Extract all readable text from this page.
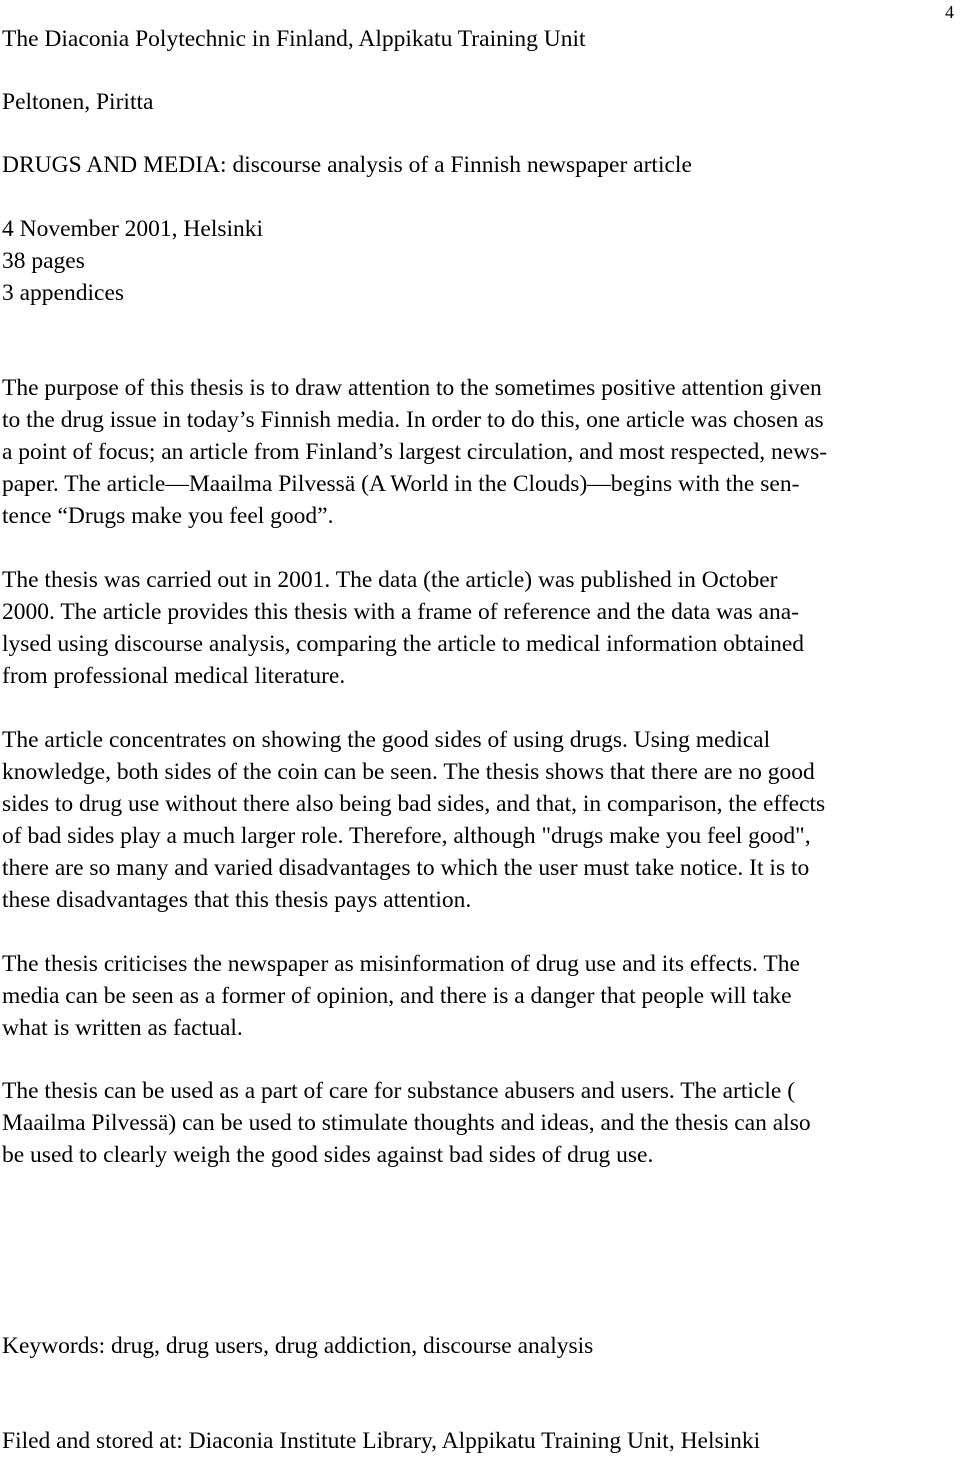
4
The Diaconia Polytechnic in Finland, Alppikatu Training Unit
Peltonen, Piritta
DRUGS AND MEDIA: discourse analysis of a Finnish newspaper article
4 November 2001, Helsinki
38 pages
3 appendices
The purpose of this thesis is to draw attention to the sometimes positive attention given
to the drug issue in today’s Finnish media. In order to do this, one article was chosen as
a point of focus; an article from Finland’s largest circulation, and most respected, news-
paper. The article—Maailma Pilvessä (A World in the Clouds)—begins with the sen-
tence “Drugs make you feel good”.
The thesis was carried out in 2001. The data (the article) was published in October
2000. The article provides this thesis with a frame of reference and the data was ana-
lysed using discourse analysis, comparing the article to medical information obtained
from professional medical literature.
The article concentrates on showing the good sides of using drugs. Using medical
knowledge, both sides of the coin can be seen. The thesis shows that there are no good
sides to drug use without there also being bad sides, and that, in comparison, the effects
of bad sides play a much larger role. Therefore, although "drugs make you feel good",
there are so many and varied disadvantages to which the user must take notice. It is to
these disadvantages that this thesis pays attention.
The thesis criticises the newspaper as misinformation of drug use and its effects. The
media can be seen as a former of opinion, and there is a danger that people will take
what is written as factual.
The thesis can be used as a part of care for substance abusers and users. The article (
Maailma Pilvessä) can be used to stimulate thoughts and ideas, and the thesis can also
be used to clearly weigh the good sides against bad sides of drug use.
Keywords: drug, drug users, drug addiction, discourse analysis
Filed and stored at: Diaconia Institute Library, Alppikatu Training Unit, Helsinki
